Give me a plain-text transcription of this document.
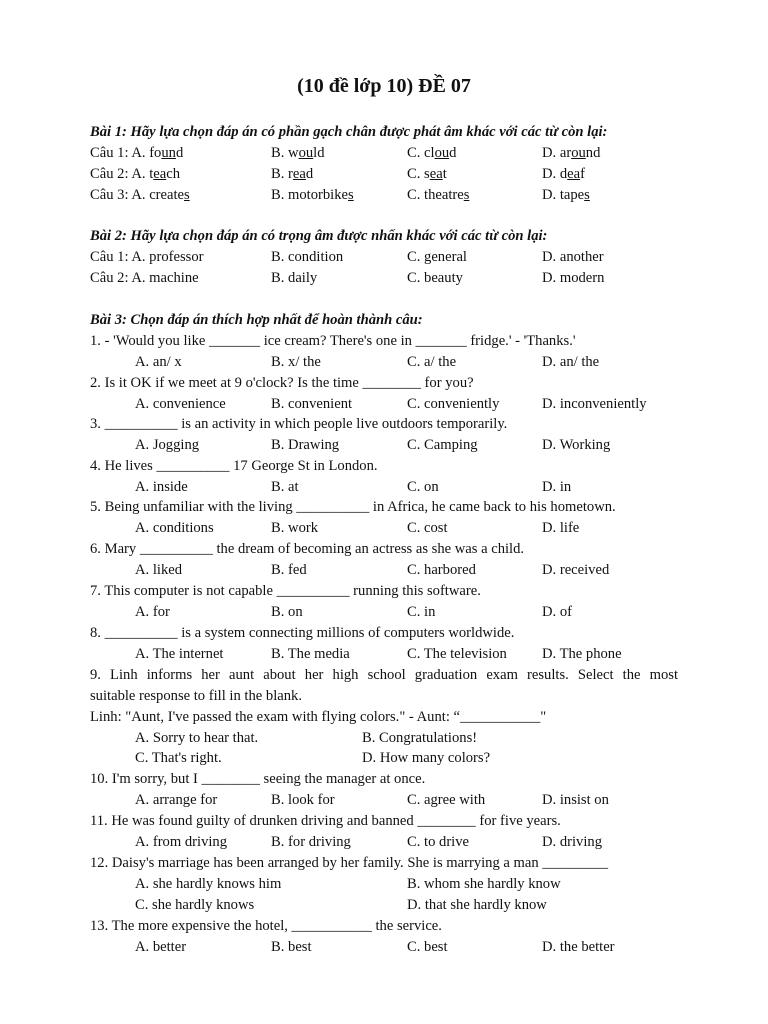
(10 đề lớp 10) ĐỀ 07
Bài 1: Hãy lựa chọn đáp án có phần gạch chân được phát âm khác với các từ còn lại:
Câu 1: A. found	B. would	C. cloud	D. around
Câu 2: A. teach	B. read	C. seat	D. deaf
Câu 3: A. creates	B. motorbikes	C. theatres	D. tapes
Bài 2: Hãy lựa chọn đáp án có trọng âm được nhấn khác với các từ còn lại:
Câu 1: A. professor	B. condition	C. general	D. another
Câu 2: A. machine	B. daily	C. beauty	D. modern
Bài 3: Chọn đáp án thích hợp nhất để hoàn thành câu:
1. - 'Would you like _______ ice cream? There's one in _______ fridge.' - 'Thanks.'
A. an/ x	B. x/ the	C. a/ the	D. an/ the
2. Is it OK if we meet at 9 o'clock? Is the time ________ for you?
A. convenience	B. convenient	C. conveniently	D. inconveniently
3. __________ is an activity in which people live outdoors temporarily.
A. Jogging	B. Drawing	C. Camping	D. Working
4. He lives __________ 17 George St in London.
A. inside	B. at	C. on	D. in
5. Being unfamiliar with the living __________ in Africa, he came back to his hometown.
A. conditions	B. work	C. cost	D. life
6. Mary __________ the dream of becoming an actress as she was a child.
A. liked	B. fed	C. harbored	D. received
7. This computer is not capable __________ running this software.
A. for	B. on	C. in	D. of
8. __________ is a system connecting millions of computers worldwide.
A. The internet	B. The media	C. The television D. The phone
9. Linh informs her aunt about her high school graduation exam results. Select the most
suitable response to fill in the blank.
Linh: "Aunt, I've passed the exam with flying colors." - Aunt: “___________"
A. Sorry to hear that.	B. Congratulations!
C. That's right.	D. How many colors?
10. I'm sorry, but I ________ seeing the manager at once.
A. arrange for	B. look for	C. agree with	D. insist on
11. He was found guilty of drunken driving and banned ________ for five years.
A. from driving	B. for driving	C. to drive	D. driving
12. Daisy's marriage has been arranged by her family. She is marrying a man _________
A. she hardly knows him	B. whom she hardly know
C. she hardly knows	D. that she hardly know
13. The more expensive the hotel, ___________ the service.
A. better	B. best	C. best	D. the better
